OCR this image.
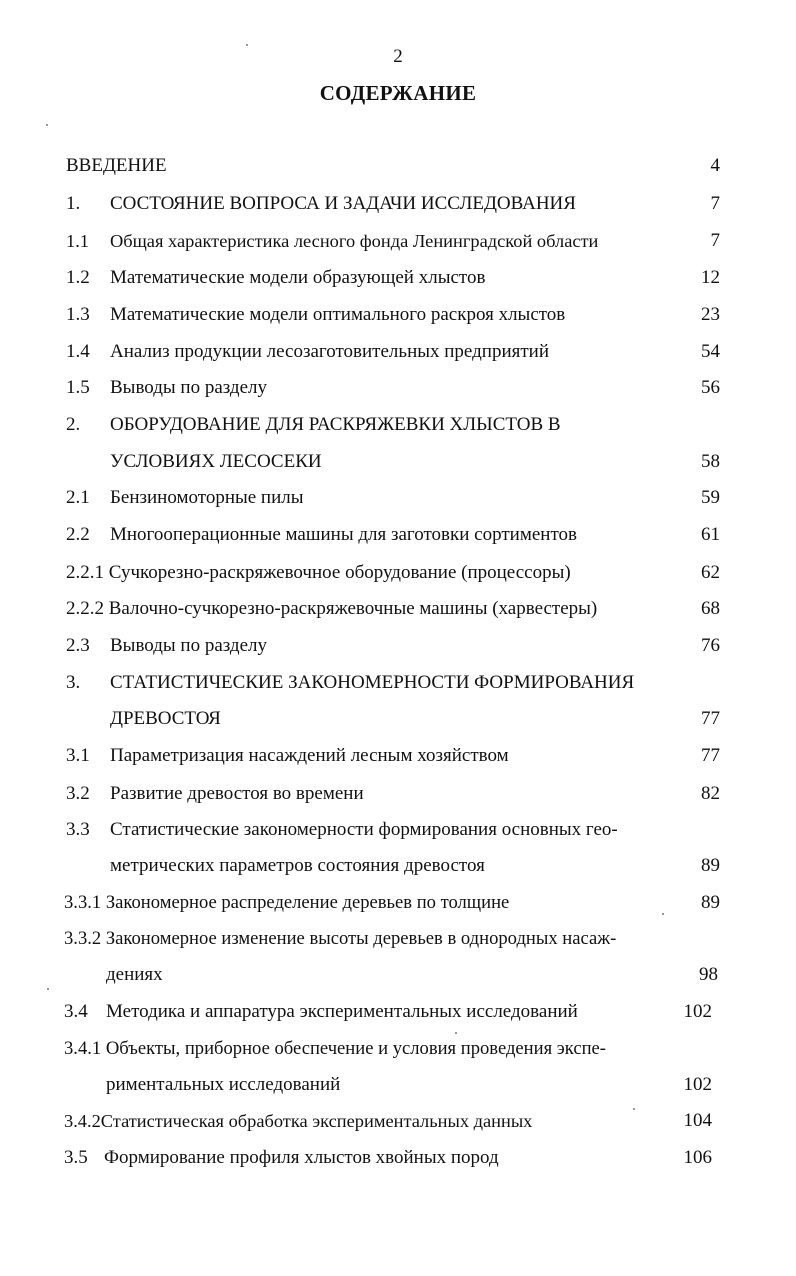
2
СОДЕРЖАНИЕ
ВВЕДЕНИЕ	4
1. СОСТОЯНИЕ ВОПРОСА И ЗАДАЧИ ИССЛЕДОВАНИЯ	7
1.1 Общая характеристика лесного фонда Ленинградской области	7
1.2 Математические модели образующей хлыстов	12
1.3 Математические модели оптимального раскроя хлыстов	23
1.4 Анализ продукции лесозаготовительных предприятий	54
1.5 Выводы по разделу	56
2. ОБОРУДОВАНИЕ ДЛЯ РАСКРЯЖЕВКИ ХЛЫСТОВ В
УСЛОВИЯХ ЛЕСОСЕКИ	58
2.1 Бензиномоторные пилы	59
2.2 Многооперационные машины для заготовки сортиментов	61
2.2.1 Сучкорезно-раскряжевочное оборудование (процессоры)	62
2.2.2 Валочно-сучкорезно-раскряжевочные машины (харвестеры)	68
2.3 Выводы по разделу	76
3. СТАТИСТИЧЕСКИЕ ЗАКОНОМЕРНОСТИ ФОРМИРОВАНИЯ
ДРЕВОСТОЯ	77
3.1 Параметризация насаждений лесным хозяйством	77
3.2 Развитие древостоя во времени	82
3.3 Статистические закономерности формирования основных гео-
метрических параметров состояния древостоя	89
3.3.1 Закономерное распределение деревьев по толщине	89
3.3.2 Закономерное изменение высоты деревьев в однородных насаж-
дениях	98
3.4 Методика и аппаратура экспериментальных исследований	102
3.4.1 Объекты, приборное обеспечение и условия проведения экспе-
риментальных исследований	102
3.4.2Статистическая обработка экспериментальных данных	104
3.5 Формирование профиля хлыстов хвойных пород	106
